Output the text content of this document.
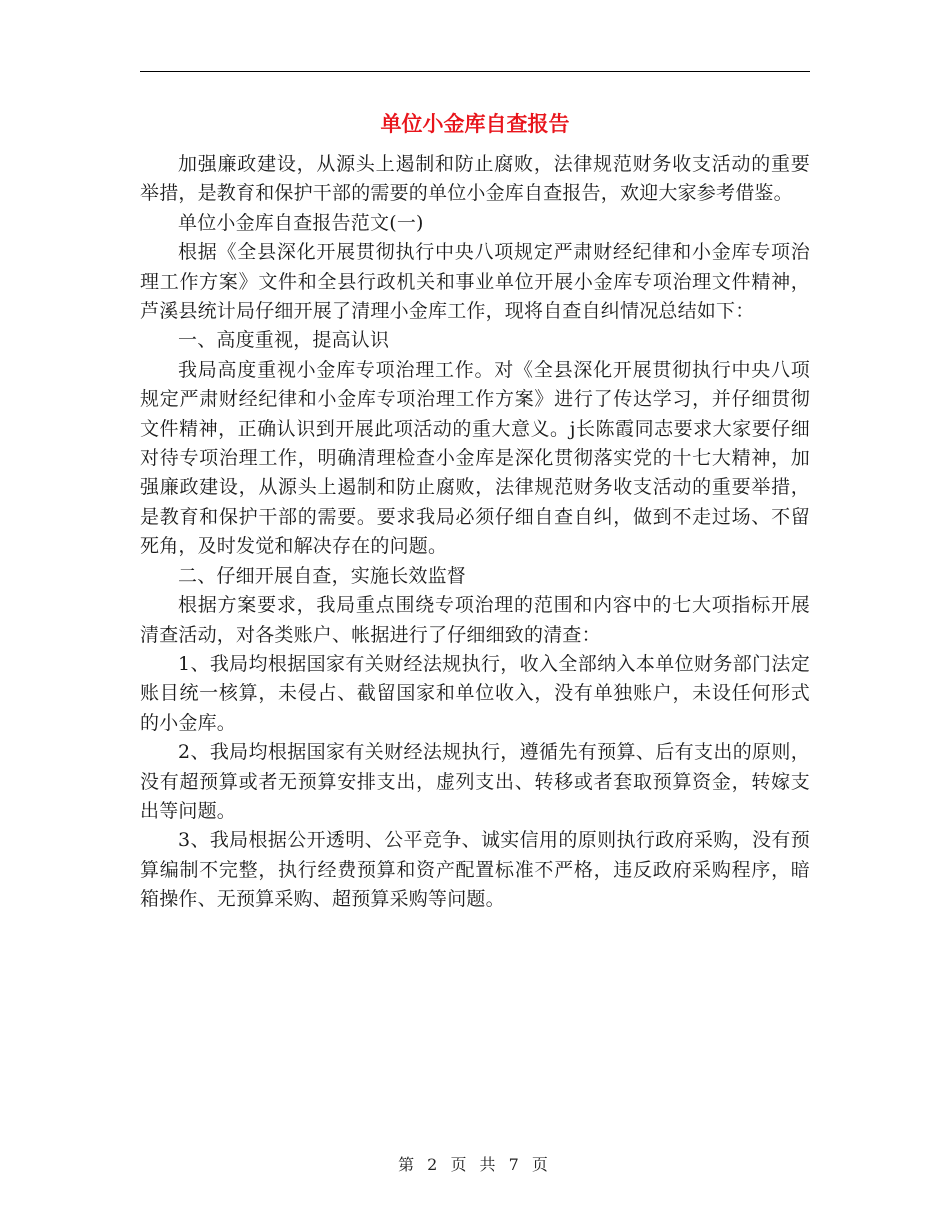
单位小金库自查报告

加强廉政建设，从源头上遏制和防止腐败，法律规范财务收支活动的重要举措，是教育和保护干部的需要的单位小金库自查报告，欢迎大家参考借鉴。

单位小金库自查报告范文(一)

根据《全县深化开展贯彻执行中央八项规定严肃财经纪律和小金库专项治理工作方案》文件和全县行政机关和事业单位开展小金库专项治理文件精神，芦溪县统计局仔细开展了清理小金库工作，现将自查自纠情况总结如下：

一、高度重视，提高认识

我局高度重视小金库专项治理工作。对《全县深化开展贯彻执行中央八项规定严肃财经纪律和小金库专项治理工作方案》进行了传达学习，并仔细贯彻文件精神，正确认识到开展此项活动的重大意义。j长陈霞同志要求大家要仔细对待专项治理工作，明确清理检查小金库是深化贯彻落实党的十七大精神，加强廉政建设，从源头上遏制和防止腐败，法律规范财务收支活动的重要举措，是教育和保护干部的需要。要求我局必须仔细自查自纠，做到不走过场、不留死角，及时发觉和解决存在的问题。

二、仔细开展自查，实施长效监督

根据方案要求，我局重点围绕专项治理的范围和内容中的七大项指标开展清查活动，对各类账户、帐据进行了仔细细致的清查：

1、我局均根据国家有关财经法规执行，收入全部纳入本单位财务部门法定账目统一核算，未侵占、截留国家和单位收入，没有单独账户，未设任何形式的小金库。

2、我局均根据国家有关财经法规执行，遵循先有预算、后有支出的原则，没有超预算或者无预算安排支出，虚列支出、转移或者套取预算资金，转嫁支出等问题。

3、我局根据公开透明、公平竞争、诚实信用的原则执行政府采购，没有预算编制不完整，执行经费预算和资产配置标准不严格，违反政府采购程序，暗箱操作、无预算采购、超预算采购等问题。

第 2 页 共 7 页
